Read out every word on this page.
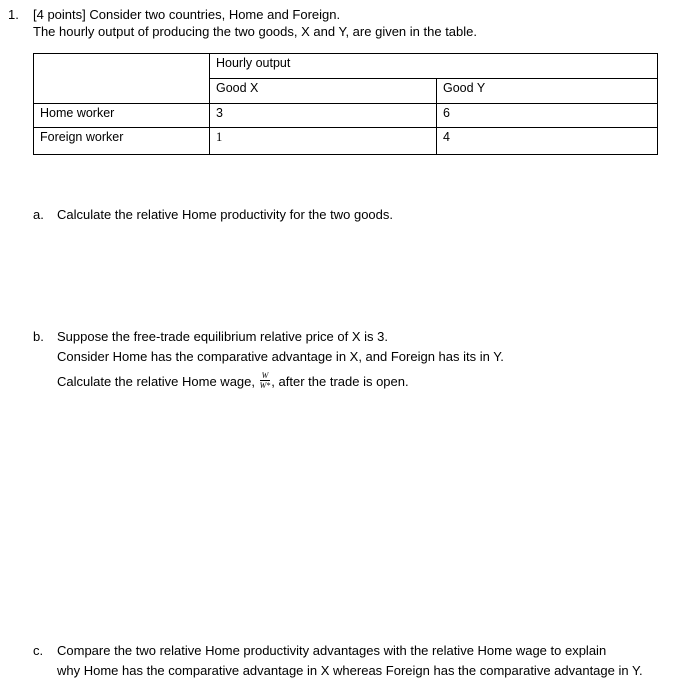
1. [4 points] Consider two countries, Home and Foreign.
The hourly output of producing the two goods, X and Y, are given in the table.
	Hourly output	
	Good X	Good Y
Home worker	3	6
Foreign worker	1	4
a. Calculate the relative Home productivity for the two goods.
b. Suppose the free-trade equilibrium relative price of X is 3.
Consider Home has the comparative advantage in X, and Foreign has its in Y.
Calculate the relative Home wage, $\frac{W}{W*}$ , after the trade is open.
c. Compare the two relative Home productivity advantages with the relative Home wage to explain
why Home has the comparative advantage in X whereas Foreign has the comparative advantage in Y.
